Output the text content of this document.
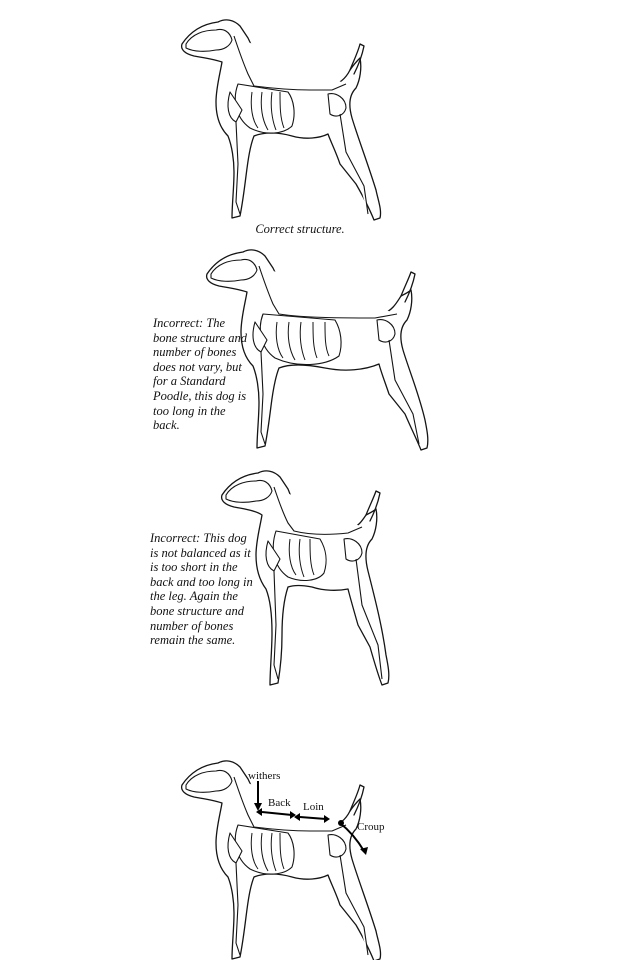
Correct structure.
Incorrect: The bone structure and number of bones does not vary, but for a Standard Poodle, this dog is too long in the back.
Incorrect: This dog is not balanced as it is too short in the back and too long in the leg. Again the bone structure and number of bones remain the same.
withers
Back Loin
Croup
